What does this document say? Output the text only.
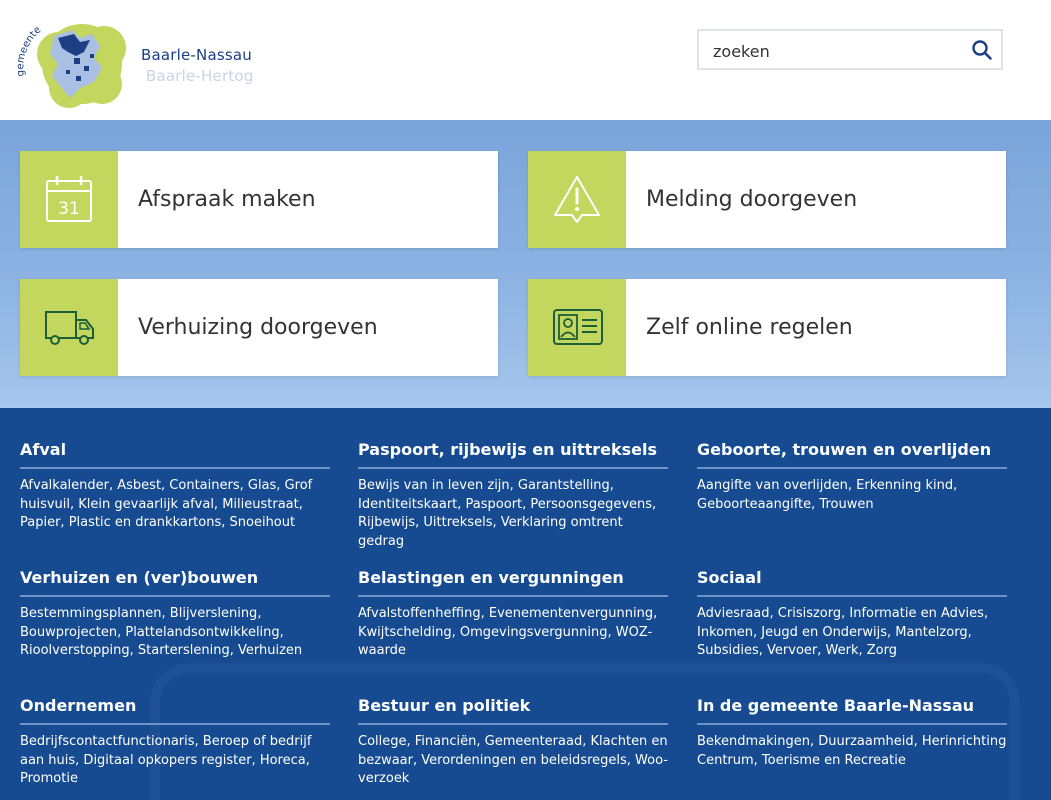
gemeente
Baarle-Nassau
Baarle-Hertog
zoeken
31	Afspraak maken	Melding doorgeven
Verhuizing doorgeven	Zelf online regelen
Afval
Afvalkalender, Asbest, Containers, Glas, Grof huisvuil, Klein gevaarlijk afval, Milieustraat, Papier, Plastic en drankkartons, Snoeihout
Paspoort, rijbewijs en uittreksels
Bewijs van in leven zijn, Garantstelling, Identiteitskaart, Paspoort, Persoonsgegevens, Rijbewijs, Uittreksels, Verklaring omtrent gedrag
Geboorte, trouwen en overlijden
Aangifte van overlijden, Erkenning kind, Geboorteaangifte, Trouwen
Verhuizen en (ver)bouwen
Bestemmingsplannen, Blijverslening, Bouwprojecten, Plattelandsontwikkeling, Rioolverstopping, Starterslening, Verhuizen
Belastingen en vergunningen
Afvalstoffenheffing, Evenementenvergunning, Kwijtschelding, Omgevingsvergunning, WOZ-waarde
Sociaal
Adviesraad, Crisiszorg, Informatie en Advies, Inkomen, Jeugd en Onderwijs, Mantelzorg, Subsidies, Vervoer, Werk, Zorg
Ondernemen
Bedrijfscontactfunctionaris, Beroep of bedrijf aan huis, Digitaal opkopers register, Horeca, Promotie
Bestuur en politiek
College, Financiën, Gemeenteraad, Klachten en bezwaar, Verordeningen en beleidsregels, Woo-verzoek
In de gemeente Baarle-Nassau
Bekendmakingen, Duurzaamheid, Herinrichting Centrum, Toerisme en Recreatie
